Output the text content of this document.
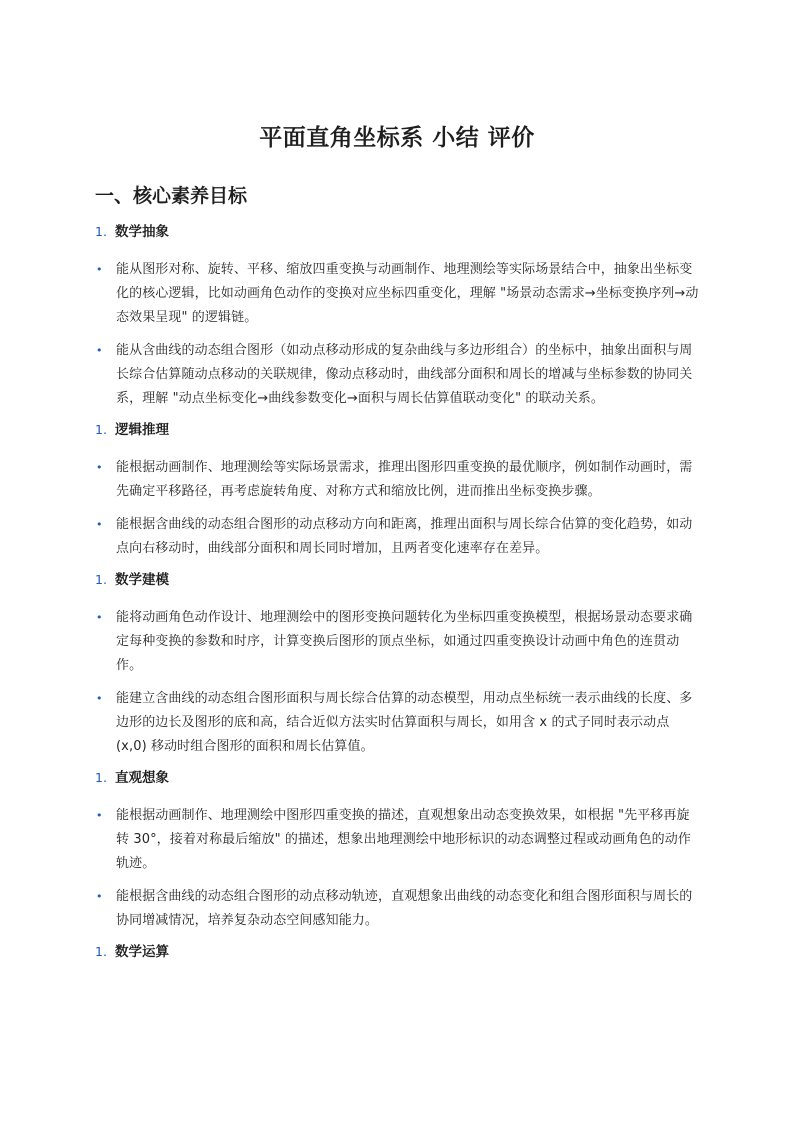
平面直角坐标系 小结 评价
一、核心素养目标
1. 数学抽象
•	能从图形对称、旋转、平移、缩放四重变换与动画制作、地理测绘等实际场景结合中，抽象出坐标变化的核心逻辑，比如动画角色动作的变换对应坐标四重变化，理解 "场景动态需求→坐标变换序列→动态效果呈现" 的逻辑链。
•	能从含曲线的动态组合图形（如动点移动形成的复杂曲线与多边形组合）的坐标中，抽象出面积与周长综合估算随动点移动的关联规律，像动点移动时，曲线部分面积和周长的增减与坐标参数的协同关系，理解 "动点坐标变化→曲线参数变化→面积与周长估算值联动变化" 的联动关系。
1. 逻辑推理
•	能根据动画制作、地理测绘等实际场景需求，推理出图形四重变换的最优顺序，例如制作动画时，需先确定平移路径，再考虑旋转角度、对称方式和缩放比例，进而推出坐标变换步骤。
•	能根据含曲线的动态组合图形的动点移动方向和距离，推理出面积与周长综合估算的变化趋势，如动点向右移动时，曲线部分面积和周长同时增加，且两者变化速率存在差异。
1. 数学建模
•	能将动画角色动作设计、地理测绘中的图形变换问题转化为坐标四重变换模型，根据场景动态要求确定每种变换的参数和时序，计算变换后图形的顶点坐标，如通过四重变换设计动画中角色的连贯动作。
•	能建立含曲线的动态组合图形面积与周长综合估算的动态模型，用动点坐标统一表示曲线的长度、多边形的边长及图形的底和高，结合近似方法实时估算面积与周长，如用含 x 的式子同时表示动点 (x,0) 移动时组合图形的面积和周长估算值。
1. 直观想象
•	能根据动画制作、地理测绘中图形四重变换的描述，直观想象出动态变换效果，如根据 "先平移再旋转 30°，接着对称最后缩放" 的描述，想象出地理测绘中地形标识的动态调整过程或动画角色的动作轨迹。
•	能根据含曲线的动态组合图形的动点移动轨迹，直观想象出曲线的动态变化和组合图形面积与周长的协同增减情况，培养复杂动态空间感知能力。
1. 数学运算
